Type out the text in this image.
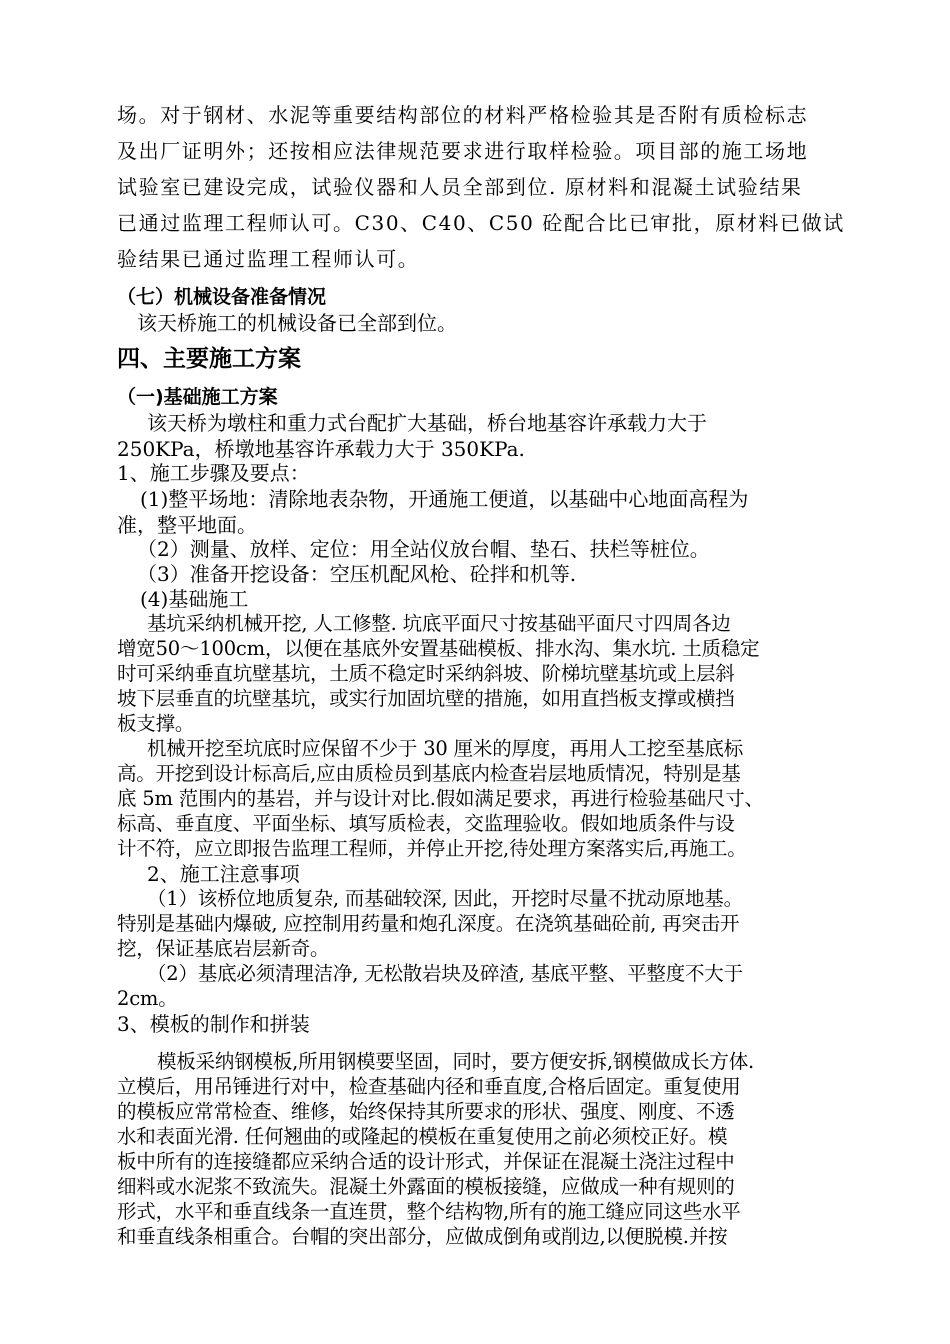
场。对于钢材、水泥等重要结构部位的材料严格检验其是否附有质检标志
及出厂证明外；还按相应法律规范要求进行取样检验。项目部的施工场地
试验室已建设完成，试验仪器和人员全部到位. 原材料和混凝土试验结果
已通过监理工程师认可。C30、C40、C50 砼配合比已审批，原材料已做试
验结果已通过监理工程师认可。
（七）机械设备准备情况
该天桥施工的机械设备已全部到位。
四、主要施工方案
（一)基础施工方案
该天桥为墩柱和重力式台配扩大基础，桥台地基容许承载力大于
250KPa，桥墩地基容许承载力大于 350KPa.
1、施工步骤及要点：
(1)整平场地：清除地表杂物，开通施工便道，以基础中心地面高程为
准，整平地面。
（2）测量、放样、定位：用全站仪放台帽、垫石、扶栏等桩位。
（3）准备开挖设备：空压机配风枪、砼拌和机等.
(4)基础施工
基坑采纳机械开挖, 人工修整. 坑底平面尺寸按基础平面尺寸四周各边
增宽50～100cm，以便在基底外安置基础模板、排水沟、集水坑. 土质稳定
时可采纳垂直坑壁基坑，土质不稳定时采纳斜坡、阶梯坑壁基坑或上层斜
坡下层垂直的坑壁基坑，或实行加固坑壁的措施，如用直挡板支撑或横挡
板支撑。
机械开挖至坑底时应保留不少于 30 厘米的厚度，再用人工挖至基底标
高。开挖到设计标高后,应由质检员到基底内检查岩层地质情况，特别是基
底 5m 范围内的基岩，并与设计对比.假如满足要求，再进行检验基础尺寸、
标高、垂直度、平面坐标、填写质检表，交监理验收。假如地质条件与设
计不符，应立即报告监理工程师，并停止开挖,待处理方案落实后,再施工。
2、施工注意事项
（1）该桥位地质复杂, 而基础较深, 因此，开挖时尽量不扰动原地基。
特别是基础内爆破, 应控制用药量和炮孔深度。在浇筑基础砼前, 再突击开
挖，保证基底岩层新奇。
（2）基底必须清理洁净, 无松散岩块及碎渣, 基底平整、平整度不大于
2cm。
3、模板的制作和拼装
模板采纳钢模板,所用钢模要坚固，同时，要方便安拆,钢模做成长方体.
立模后，用吊锤进行对中，检查基础内径和垂直度,合格后固定。重复使用
的模板应常常检查、维修，始终保持其所要求的形状、强度、刚度、不透
水和表面光滑. 任何翘曲的或隆起的模板在重复使用之前必须校正好。模
板中所有的连接缝都应采纳合适的设计形式，并保证在混凝土浇注过程中
细料或水泥浆不致流失。混凝土外露面的模板接缝，应做成一种有规则的
形式，水平和垂直线条一直连贯，整个结构物,所有的施工缝应同这些水平
和垂直线条相重合。台帽的突出部分，应做成倒角或削边,以便脱模.并按
